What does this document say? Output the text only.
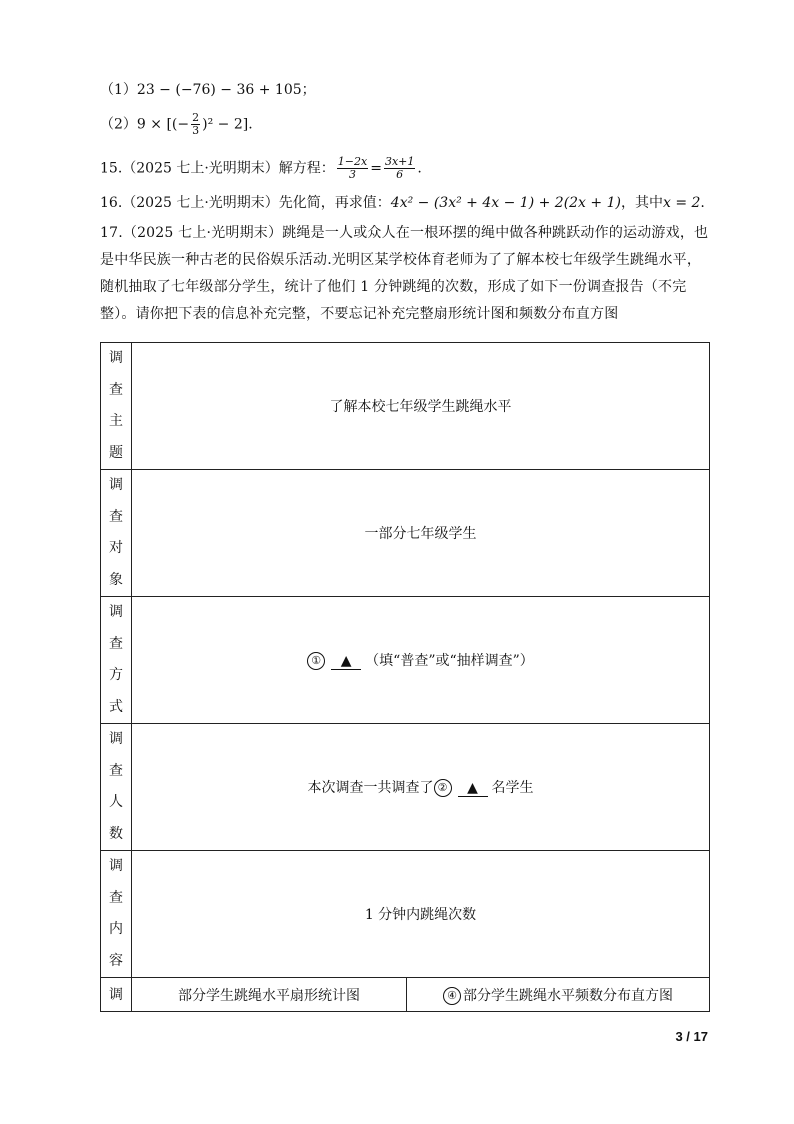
（1）23 − (−76) − 36 + 105；
（2）9 × [(− $\frac{2}{3} )^2 - 2$].
15.（2025 七上·光明期末）解方程： $\frac{1-2x}{3} = \frac{3x+1}{6}$ .
16.（2025 七上·光明期末）先化简，再求值：4x² − (3x² + 4x − 1) + 2(2x + 1)，其中x = 2.
17.（2025 七上·光明期末）跳绳是一人或众人在一根环摆的绳中做各种跳跃动作的运动游戏，也是中华民族一种古老的民俗娱乐活动.光明区某学校体育老师为了了解本校七年级学生跳绳水平，随机抽取了七年级部分学生，统计了他们 1 分钟跳绳的次数，形成了如下一份调查报告（不完整）。请你把下表的信息补充完整，不要忘记补充完整扇形统计图和频数分布直方图
调
查
主
题	了解本校七年级学生跳绳水平	

调
查
对
象	一部分七年级学生	

调
查
方
式	① ▲ （填“普查”或“抽样调查”）	

调
查
人
数	本次调查一共调查了 ② ▲ 名学生	

调
查
内
容	1 分钟内跳绳次数	

调	部分学生跳绳水平扇形统计图	④ 部分学生跳绳水平频数分布直方图
3 / 17
